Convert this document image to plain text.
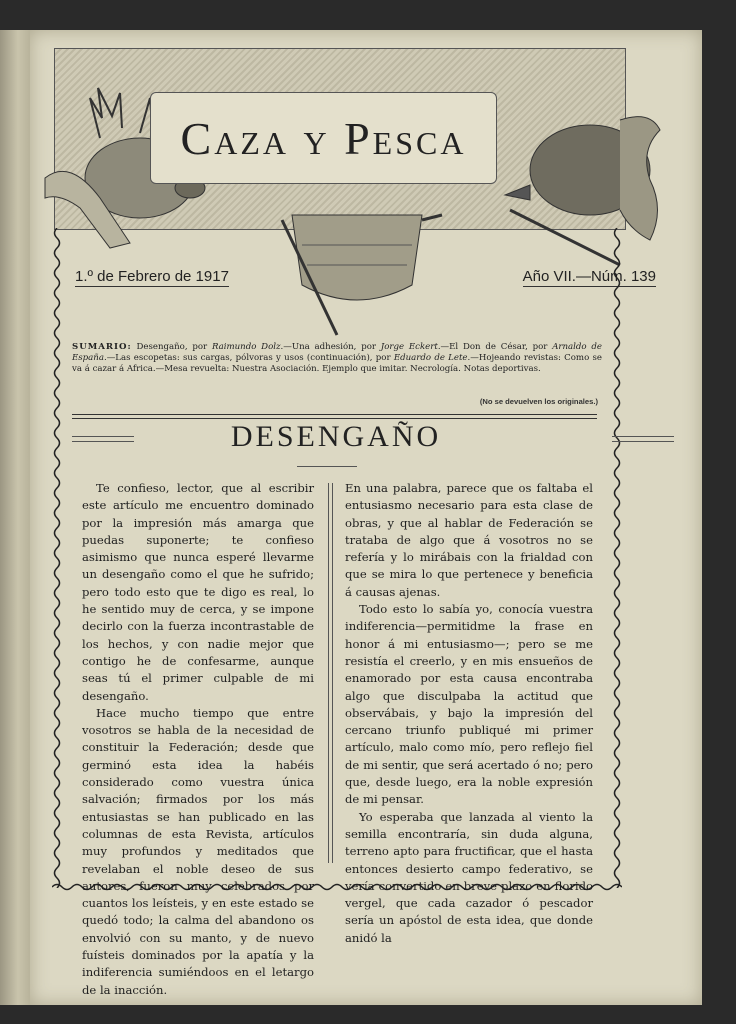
Caza y Pesca
1.º de Febrero de 1917	Año VII.—Núm. 139
SUMARIO: Desengaño, por Raimundo Dolz.—Una adhesión, por Jorge Eckert.—El Don de César, por Arnaldo de España.—Las escopetas: sus cargas, pólvoras y usos (continuación), por Eduardo de Lete.—Hojeando revistas: Como se va á cazar á Africa.—Mesa revuelta: Nuestra Asociación. Ejemplo que imitar. Necrología. Notas deportivas.
(No se devuelven los originales.)
DESENGAÑO

Te confieso, lector, que al escribir este artículo me encuentro dominado por la impresión más amarga que puedas suponerte; te confieso asimismo que nunca esperé llevarme un desengaño como el que he sufrido; pero todo esto que te digo es real, lo he sentido muy de cerca, y se impone decirlo con la fuerza incontrastable de los hechos, y con nadie mejor que contigo he de confesarme, aunque seas tú el primer culpable de mi desengaño.

Hace mucho tiempo que entre vosotros se habla de la necesidad de constituir la Federación; desde que germinó esta idea la habéis considerado como vuestra única salvación; firmados por los más entusiastas se han publicado en las columnas de esta Revista, artículos muy profundos y meditados que revelaban el noble deseo de sus autores, fueron muy celebrados por cuantos los leísteis, y en este estado se quedó todo; la calma del abandono os envolvió con su manto, y de nuevo fuísteis dominados por la apatía y la indiferencia sumiéndoos en el letargo de la inacción.

En una palabra, parece que os faltaba el entusiasmo necesario para esta clase de obras, y que al hablar de Federación se trataba de algo que á vosotros no se refería y lo mirábais con la frialdad con que se mira lo que pertenece y beneficia á causas ajenas.

Todo esto lo sabía yo, conocía vuestra indiferencia—permitidme la frase en honor á mi entusiasmo—; pero se me resistía el creerlo, y en mis ensueños de enamorado por esta causa encontraba algo que disculpaba la actitud que observábais, y bajo la impresión del cercano triunfo publiqué mi primer artículo, malo como mío, pero reflejo fiel de mi sentir, que será acertado ó no; pero que, desde luego, era la noble expresión de mi pensar.

Yo esperaba que lanzada al viento la semilla encontraría, sin duda alguna, terreno apto para fructificar, que el hasta entonces desierto campo federativo, se vería convertido en breve plazo en florido vergel, que cada cazador ó pescador sería un apóstol de esta idea, que donde anidó la
